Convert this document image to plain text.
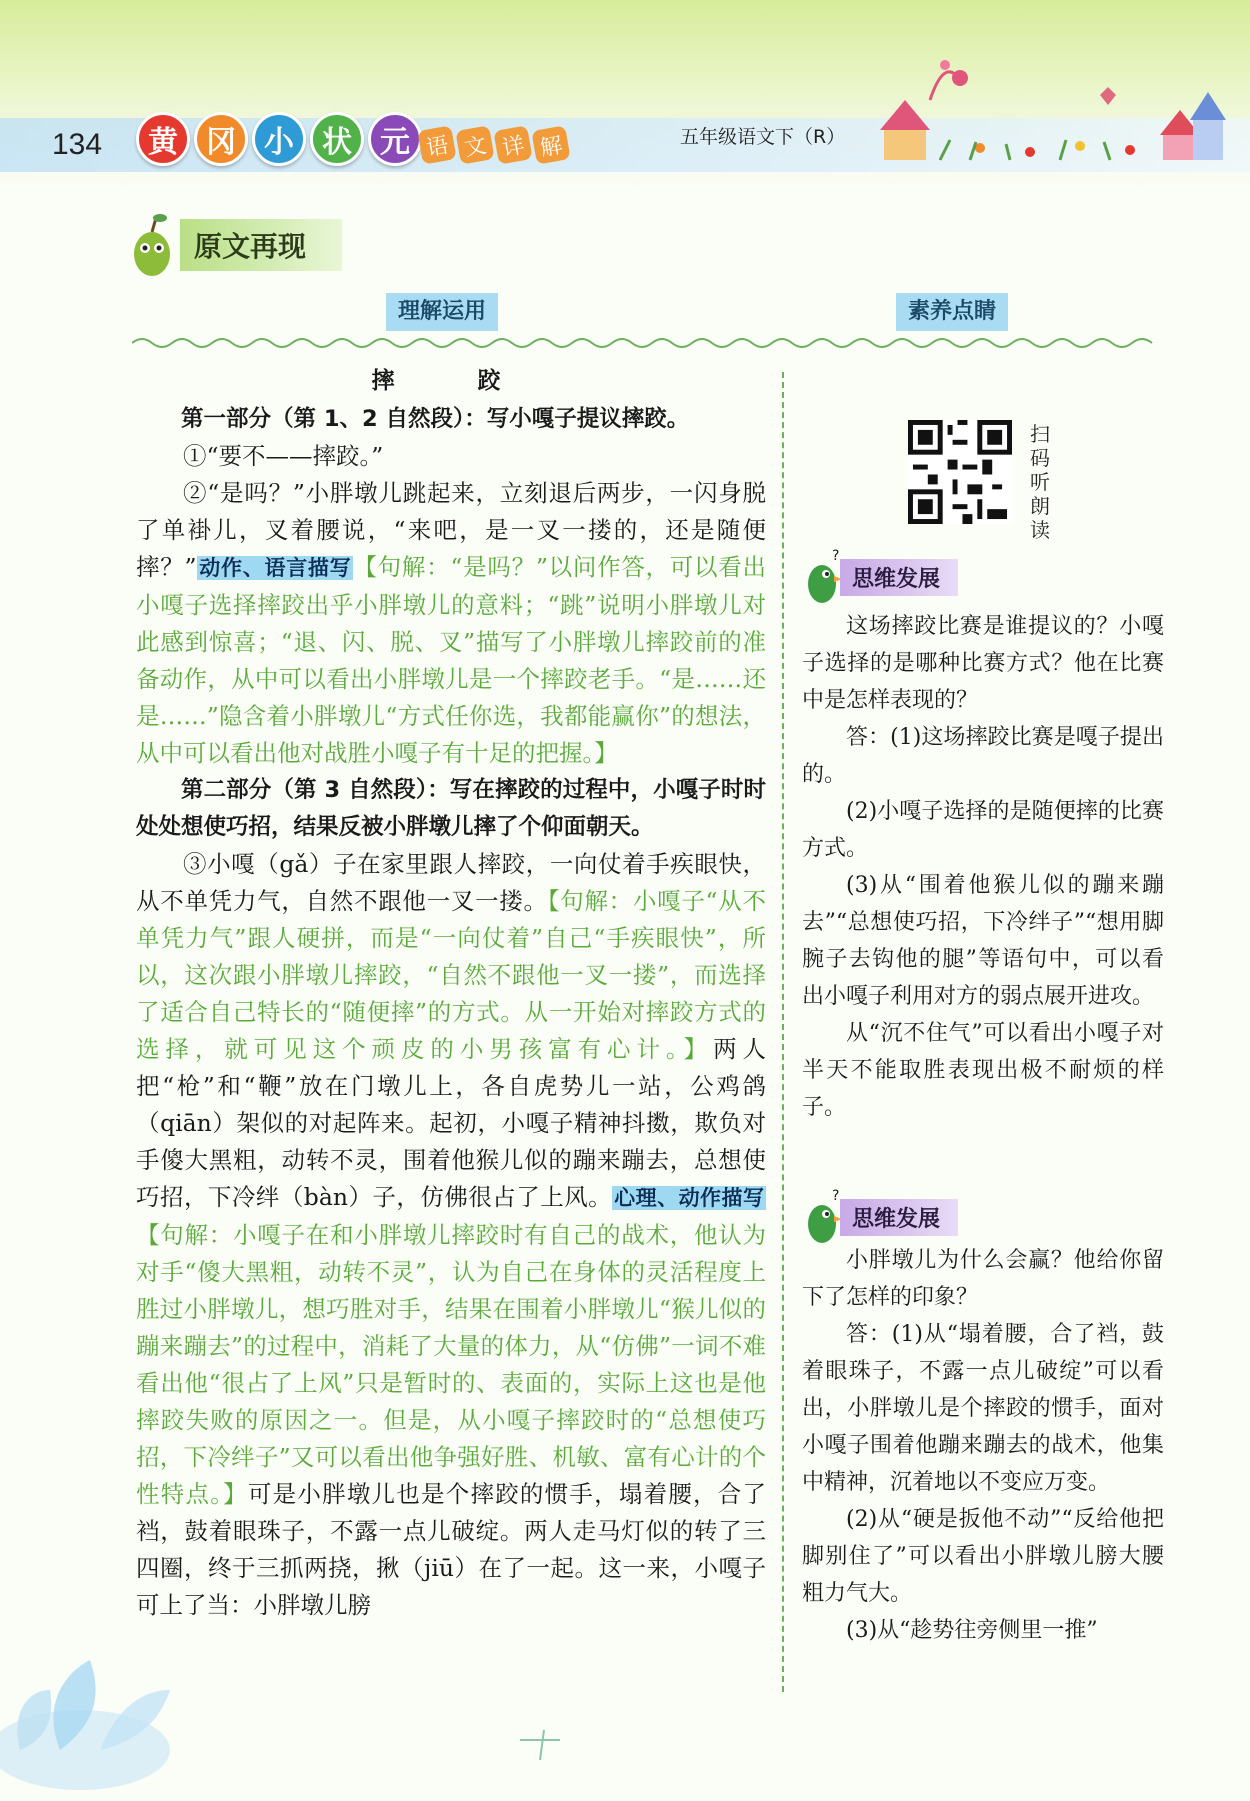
134	黄 冈 小 状 元 语 文 详 解	五年级语文下（R）
原文再现
理解运用	素养点睛

摔　跤

第一部分（第 1、2 自然段）：写小嘎子提议摔跤。

①“要不——摔跤。”

②“是吗？”小胖墩儿跳起来，立刻退后两步，一闪身脱了单褂儿，叉着腰说，“来吧，是一叉一搂的，还是随便摔？”动作、语言描写【句解：“是吗？”以问作答，可以看出小嘎子选择摔跤出乎小胖墩儿的意料；“跳”说明小胖墩儿对此感到惊喜；“退、闪、脱、叉”描写了小胖墩儿摔跤前的准备动作，从中可以看出小胖墩儿是一个摔跤老手。“是……还是……”隐含着小胖墩儿“方式任你选，我都能赢你”的想法，从中可以看出他对战胜小嘎子有十足的把握。】

第二部分（第 3 自然段）：写在摔跤的过程中，小嘎子时时处处想使巧招，结果反被小胖墩儿摔了个仰面朝天。

③小嘎（gǎ）子在家里跟人摔跤，一向仗着手疾眼快，从不单凭力气，自然不跟他一叉一搂。【句解：小嘎子“从不单凭力气”跟人硬拼，而是“一向仗着”自己“手疾眼快”，所以，这次跟小胖墩儿摔跤，“自然不跟他一叉一搂”，而选择了适合自己特长的“随便摔”的方式。从一开始对摔跤方式的选择，就可见这个顽皮的小男孩富有心计。】两人把“枪”和“鞭”放在门墩儿上，各自虎势儿一站，公鸡鸽（qiān）架似的对起阵来。起初，小嘎子精神抖擞，欺负对手傻大黑粗，动转不灵，围着他猴儿似的蹦来蹦去，总想使巧招，下冷绊（bàn）子，仿佛很占了上风。心理、动作描写【句解：小嘎子在和小胖墩儿摔跤时有自己的战术，他认为对手“傻大黑粗，动转不灵”，认为自己在身体的灵活程度上胜过小胖墩儿，想巧胜对手，结果在围着小胖墩儿“猴儿似的蹦来蹦去”的过程中，消耗了大量的体力，从“仿佛”一词不难看出他“很占了上风”只是暂时的、表面的，实际上这也是他摔跤失败的原因之一。但是，从小嘎子摔跤时的“总想使巧招，下冷绊子”又可以看出他争强好胜、机敏、富有心计的个性特点。】可是小胖墩儿也是个摔跤的惯手，塌着腰，合了裆，鼓着眼珠子，不露一点儿破绽。两人走马灯似的转了三四圈，终于三抓两挠，揪（jiū）在了一起。这一来，小嘎子可上了当：小胖墩儿膀

扫码听朗读
?
思维发展

这场摔跤比赛是谁提议的？小嘎子选择的是哪种比赛方式？他在比赛中是怎样表现的？

答：(1)这场摔跤比赛是嘎子提出的。

(2)小嘎子选择的是随便摔的比赛方式。

(3)从“围着他猴儿似的蹦来蹦去”“总想使巧招，下冷绊子”“想用脚腕子去钩他的腿”等语句中，可以看出小嘎子利用对方的弱点展开进攻。

从“沉不住气”可以看出小嘎子对半天不能取胜表现出极不耐烦的样子。

?
思维发展

小胖墩儿为什么会赢？他给你留下了怎样的印象？

答：(1)从“塌着腰，合了裆，鼓着眼珠子，不露一点儿破绽”可以看出，小胖墩儿是个摔跤的惯手，面对小嘎子围着他蹦来蹦去的战术，他集中精神，沉着地以不变应万变。

(2)从“硬是扳他不动”“反给他把脚别住了”可以看出小胖墩儿膀大腰粗力气大。

(3)从“趁势往旁侧里一推”
